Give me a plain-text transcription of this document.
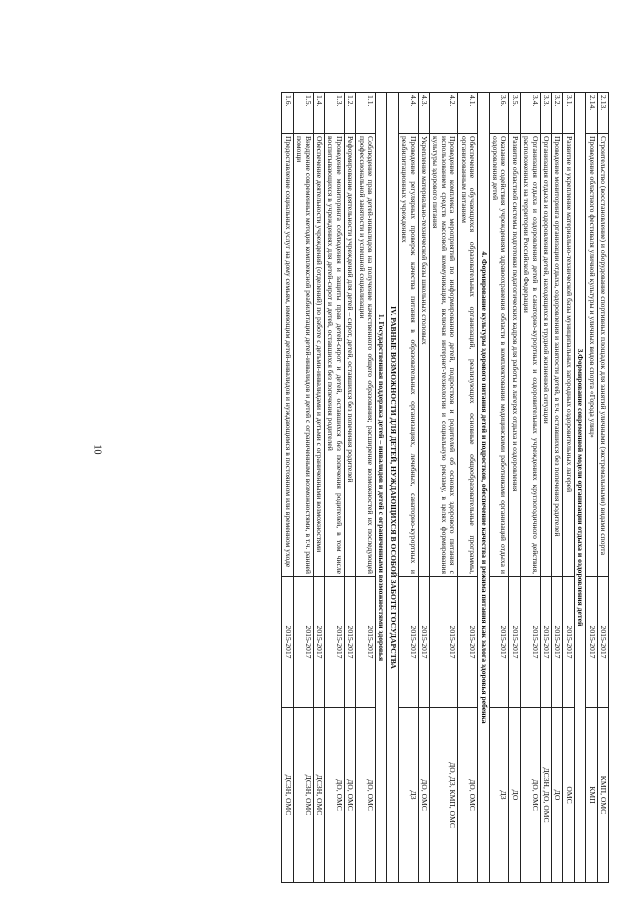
10
2.13.	Строительство (восстановление) и оборудование спортивных площадок для занятий уличными (экстремальными) видами спорта	2015-2017	КМП, ОМС
2.14.	Проведение областного фестиваля уличной культуры и уличных видов спорта «Города улиц»	2015-2017	КМП
3.Формирование современной модели организации отдыха и оздоровления детей			
3.1.	Развитие и укрепление материально-технической базы муниципальных загородных оздоровительных лагерей	2015-2017	ОМС
3.2.	Проведение мониторинга организации отдыха, оздоровления и занятости детей, в т.ч. оставшихся без попечения родителей	2015-2017	ДО
3.3.	Организация отдыха и оздоровления детей, находящихся в трудной жизненной ситуации	2015-2017	ДСЗН, ДО, ОМС
3.4.	Организация отдыха и оздоровления детей в санаторно-курортных и оздоровительных учреждениях круглогодичного действия, расположенных на территории Российской Федерации	2015-2017	ДО, ОМС
3.5.	Развитие областной системы подготовки педагогических кадров для работы в лагерях отдыха и оздоровления	2015-2017	ДО
3.6.	Оказание содействия учреждениям здравоохранения области в комплектовании медицинскими работниками организаций отдыха и оздоровления детей	2015-2017	ДЗ
4. Формирование культуры здорового питания детей и подростков, обеспечение качества и режима питания как залога здоровья ребенка			
4.1.	Обеспечение обучающихся образовательных организаций, реализующих основные общеобразовательные программы, организованным питанием	2015-2017	ДО, ОМС
4.2.	Проведение комплекса мероприятий по информированию детей, подростков и родителей об основах здорового питания с использованием средств массовой коммуникации, включая интернет-технологии и социальную рекламу, в целях формирования культуры здорового питания	2015-2017	ДО, ДЗ, КМП, ОМС
4.3.	Укрепление материально-технической базы школьных столовых	2015-2017	ДО, ОМС
4.4.	Проведение регулярных проверок качества питания в образовательных организациях, лечебных, санаторно-курортных и реабилитационных учреждениях	2015-2017	ДЗ
IV. РАВНЫЕ ВОЗМОЖНОСТИ ДЛЯ ДЕТЕЙ, НУЖДАЮЩИХСЯ В ОСОБОЙ ЗАБОТЕ ГОСУДАРСТВА			
1. Государственная поддержка детей – инвалидов и детей с ограниченными возможностями здоровья			
1.1.	Соблюдение прав детей-инвалидов на получение качественного общего образования; расширение возможностей их последующей профессиональной занятости и успешной социализации	2015-2017	ДО, ОМС
1.2.	Реформирование деятельности учреждений для детей – сирот, детей, оставшихся без попечения родителей	2015-2017	ДО, ОМС
1.3.	Проведение мониторинга соблюдения и защиты прав детей-сирот и детей, оставшихся без попечения родителей, в том числе воспитывающихся в учреждениях для детей-сирот и детей, оставшихся без попечения родителей	2015-2017	ДО, ОМС
1.4.	Обеспечение деятельности учреждений (отделений) по работе с детьми-инвалидами и детьми с ограниченными возможностями	2015-2017	ДСЗН, ОМС
1.5.	Внедрение современных методик комплексной реабилитации детей-инвалидов и детей с ограниченными возможностями, в т.ч. ранней помощи	2015-2017	ДСЗН, ОМС
1.6.	Предоставление социальных услуг на дому семьям, имеющим детей-инвалидов и нуждающимся в постоянном или временном уходе	2015-2017	ДСЗН, ОМС
